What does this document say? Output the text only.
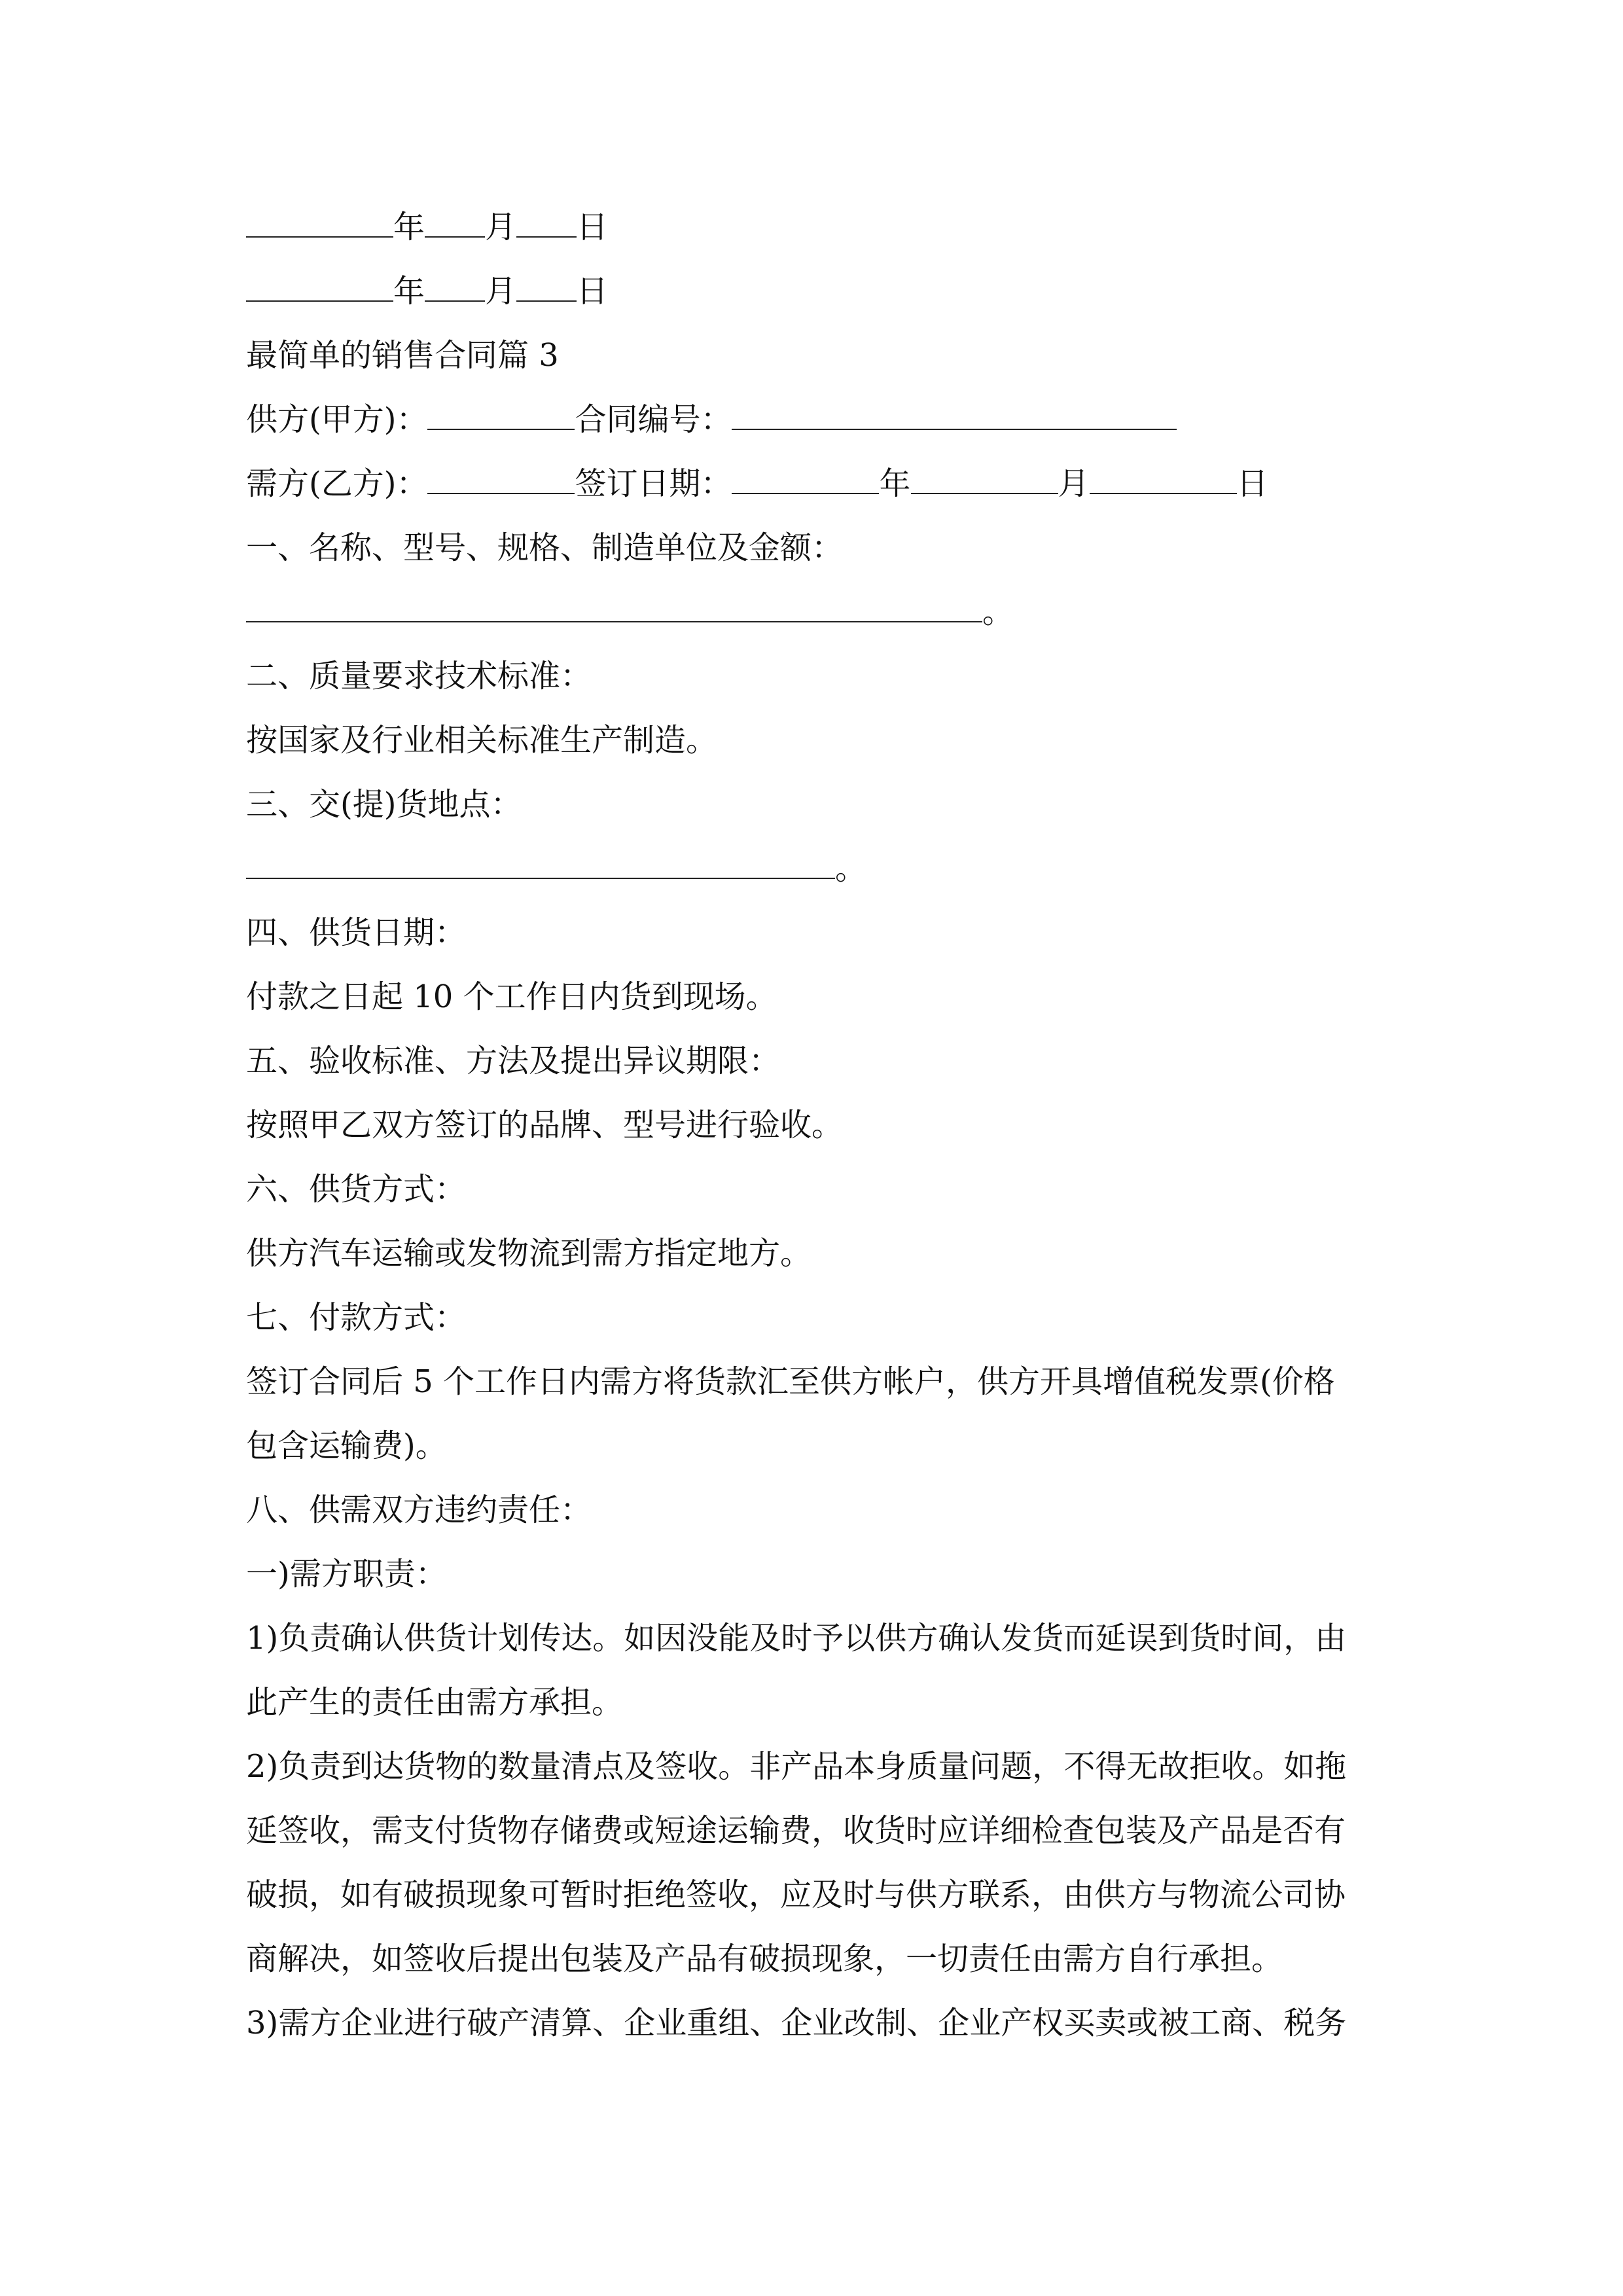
年 月 日
年 月 日
最简单的销售合同篇 3
供方(甲方)：	合同编号：
需方(乙方)：	签订日期：	年	月	日
一、名称、型号、规格、制造单位及金额：
。
二、质量要求技术标准：
按国家及行业相关标准生产制造。
三、交(提)货地点：
。
四、供货日期：
付款之日起 10 个工作日内货到现场。
五、验收标准、方法及提出异议期限：
按照甲乙双方签订的品牌、型号进行验收。
六、供货方式：
供方汽车运输或发物流到需方指定地方。
七、付款方式：
签订合同后 5 个工作日内需方将货款汇至供方帐户，供方开具增值税发票(价格
包含运输费)。
八、供需双方违约责任：
一)需方职责：
1)负责确认供货计划传达。如因没能及时予以供方确认发货而延误到货时间，由
此产生的责任由需方承担。
2)负责到达货物的数量清点及签收。非产品本身质量问题，不得无故拒收。如拖
延签收，需支付货物存储费或短途运输费，收货时应详细检查包装及产品是否有
破损，如有破损现象可暂时拒绝签收，应及时与供方联系，由供方与物流公司协
商解决，如签收后提出包装及产品有破损现象，一切责任由需方自行承担。
3)需方企业进行破产清算、企业重组、企业改制、企业产权买卖或被工商、税务
